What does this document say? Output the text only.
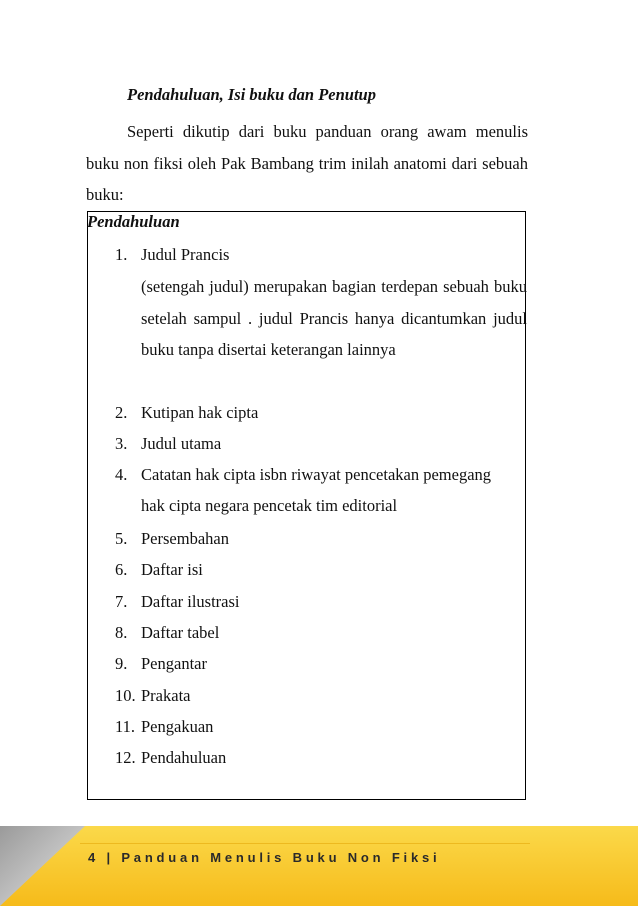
Pendahuluan, Isi buku dan Penutup

Seperti dikutip dari buku panduan orang awam menulis buku non fiksi oleh Pak Bambang trim inilah anatomi dari sebuah buku:

Pendahuluan
1. Judul Prancis

(setengah judul) merupakan bagian terdepan sebuah buku setelah sampul . judul Prancis hanya dicantumkan judul buku tanpa disertai keterangan lainnya

2. Kutipan hak cipta
3. Judul utama
4. Catatan hak cipta isbn riwayat pencetakan pemegang
hak cipta negara pencetak tim editorial
5. Persembahan
6. Daftar isi
7. Daftar ilustrasi
8. Daftar tabel
9. Pengantar
10. Prakata
11. Pengakuan
12. Pendahuluan
4 | Panduan Menulis Buku Non Fiksi
